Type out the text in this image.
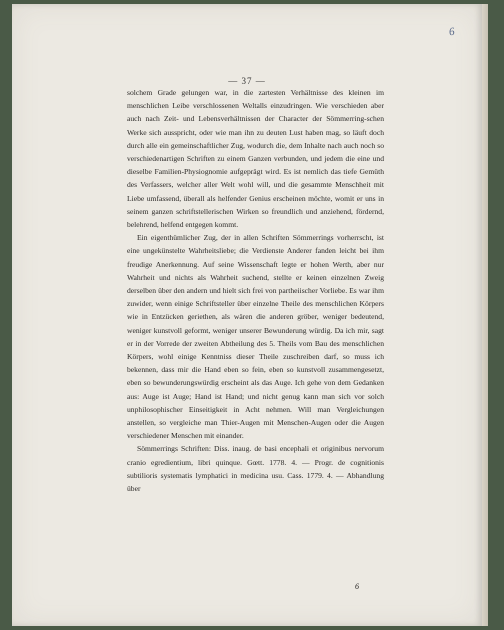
6
— 37 —

solchem Grade gelungen war, in die zartesten Verhältnisse des kleinen im menschlichen Leibe verschlossenen Weltalls einzudringen. Wie verschieden aber auch nach Zeit- und Lebensverhältnissen der Character der Sömmerring-schen Werke sich ausspricht, oder wie man ihn zu deuten Lust haben mag, so läuft doch durch alle ein gemeinschaftlicher Zug, wodurch die, dem Inhalte nach auch noch so verschiedenartigen Schriften zu einem Ganzen verbunden, und jedem die eine und dieselbe Familien-Physiognomie aufgeprägt wird. Es ist nemlich das tiefe Gemüth des Verfassers, welcher aller Welt wohl will, und die gesammte Menschheit mit Liebe umfassend, überall als helfender Genius erscheinen möchte, womit er uns in seinem ganzen schriftstellerischen Wirken so freundlich und anziehend, fördernd, belehrend, helfend entgegen kommt.

Ein eigenthümlicher Zug, der in allen Schriften Sömmerrings vorherrscht, ist eine ungekünstelte Wahrheitsliebe; die Verdienste Anderer fanden leicht bei ihm freudige Anerkennung. Auf seine Wissenschaft legte er hohen Werth, aber nur Wahrheit und nichts als Wahrheit suchend, stellte er keinen einzelnen Zweig derselben über den andern und hielt sich frei von partheiischer Vorliebe. Es war ihm zuwider, wenn einige Schriftsteller über einzelne Theile des menschlichen Körpers wie in Entzücken geriethen, als wären die anderen gröber, weniger bedeutend, weniger kunstvoll geformt, weniger unserer Bewunderung würdig. Da ich mir, sagt er in der Vorrede der zweiten Abtheilung des 5. Theils vom Bau des menschlichen Körpers, wohl einige Kenntniss dieser Theile zuschreiben darf, so muss ich bekennen, dass mir die Hand eben so fein, eben so kunstvoll zusammengesetzt, eben so bewunderungswürdig erscheint als das Auge. Ich gehe von dem Gedanken aus: Auge ist Auge; Hand ist Hand; und nicht genug kann man sich vor solch unphilosophischer Einseitigkeit in Acht nehmen. Will man Vergleichungen anstellen, so vergleiche man Thier-Augen mit Menschen-Augen oder die Augen verschiedener Menschen mit einander.

Sömmerrings Schriften: Diss. inaug. de basi encephali et originibus nervorum cranio egredientium, libri quinque. Gœtt. 1778. 4. — Progr. de cognitionis subtilioris systematis lymphatici in medicina usu. Cass. 1779. 4. — Abhandlung über

6
